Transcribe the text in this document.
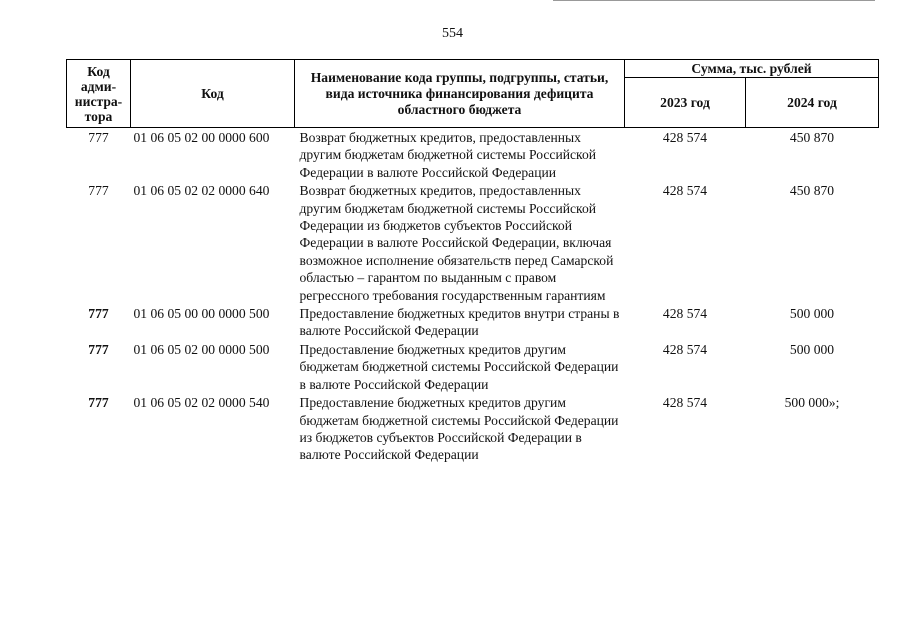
554
Код адми-нистра-тора	Код	Наименование кода группы, подгруппы, статьи, вида источника финансирования дефицита областного бюджета	Сумма, тыс. рублей	
			2023 год	2024 год
777	01 06 05 02 00 0000 600	Возврат бюджетных кредитов, предоставленных другим бюджетам бюджетной системы Российской Федерации в валюте Российской Федерации	428 574	450 870
777	01 06 05 02 02 0000 640	Возврат бюджетных кредитов, предоставленных другим бюджетам бюджетной системы Российской Федерации из бюджетов субъектов Российской Федерации в валюте Российской Федерации, включая возможное исполнение обязательств перед Самарской областью – гарантом по выданным с правом регрессного требования государственным гарантиям	428 574	450 870
777	01 06 05 00 00 0000 500	Предоставление бюджетных кредитов внутри страны в валюте Российской Федерации	428 574	500 000
777	01 06 05 02 00 0000 500	Предоставление бюджетных кредитов другим бюджетам бюджетной системы Российской Федерации в валюте Российской Федерации	428 574	500 000
777	01 06 05 02 02 0000 540	Предоставление бюджетных кредитов другим бюджетам бюджетной системы Российской Федерации из бюджетов субъектов Российской Федерации в валюте Российской Федерации	428 574	500 000»;
